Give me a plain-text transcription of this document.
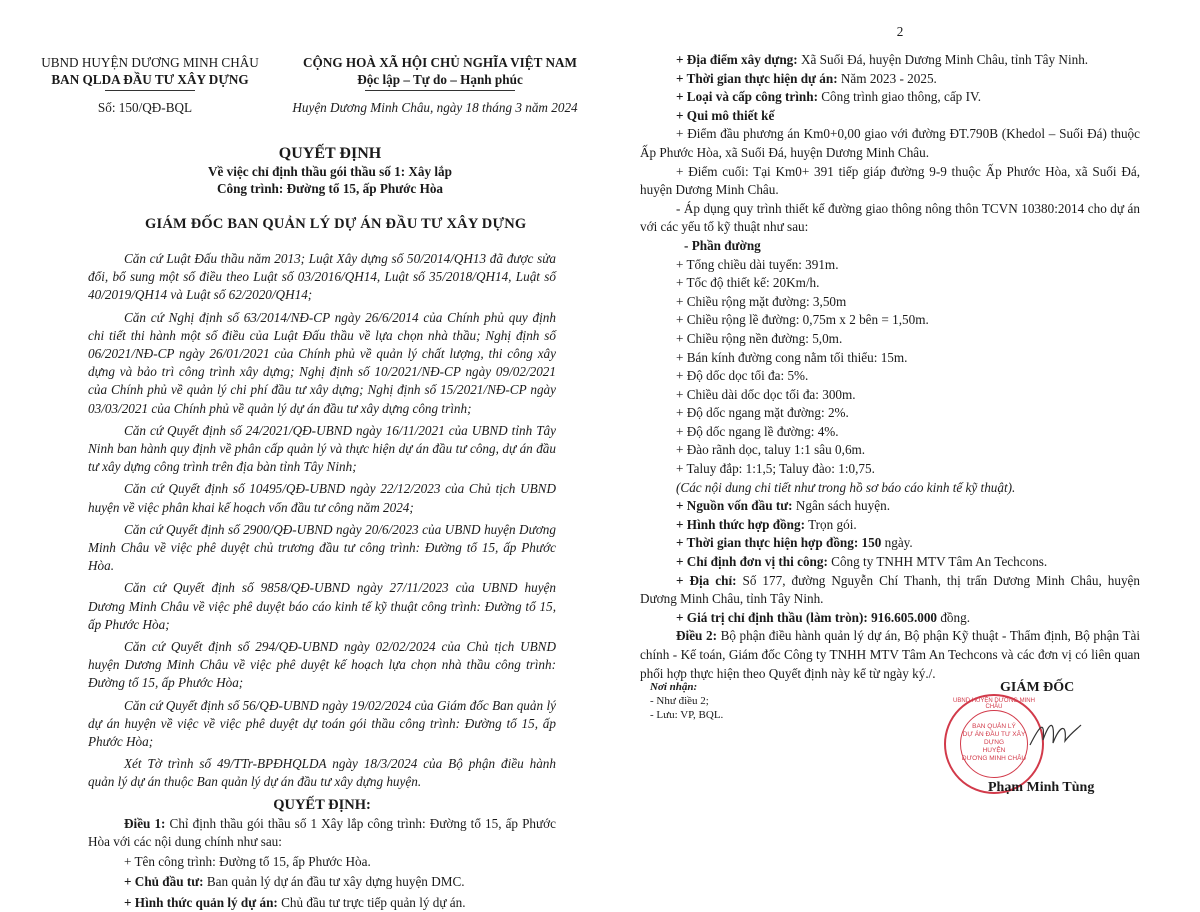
UBND HUYỆN DƯƠNG MINH CHÂU
BAN QLDA ĐẦU TƯ XÂY DỰNG
CỘNG HOÀ XÃ HỘI CHỦ NGHĨA VIỆT NAM
Độc lập – Tự do – Hạnh phúc
Số: 150/QĐ-BQL	Huyện Dương Minh Châu, ngày 18 tháng 3 năm 2024
QUYẾT ĐỊNH
Về việc chỉ định thầu gói thầu số 1: Xây lắp
Công trình: Đường tổ 15, ấp Phước Hòa
GIÁM ĐỐC BAN QUẢN LÝ DỰ ÁN ĐẦU TƯ XÂY DỰNG

Căn cứ Luật Đấu thầu năm 2013; Luật Xây dựng số 50/2014/QH13 đã được sửa đổi, bổ sung một số điều theo Luật số 03/2016/QH14, Luật số 35/2018/QH14, Luật số 40/2019/QH14 và Luật số 62/2020/QH14;

Căn cứ Nghị định số 63/2014/NĐ-CP ngày 26/6/2014 của Chính phủ quy định chi tiết thi hành một số điều của Luật Đấu thầu về lựa chọn nhà thầu; Nghị định số 06/2021/NĐ-CP ngày 26/01/2021 của Chính phủ về quản lý chất lượng, thi công xây dựng và bảo trì công trình xây dựng; Nghị định số 10/2021/NĐ-CP ngày 09/02/2021 của Chính phủ về quản lý chi phí đầu tư xây dựng; Nghị định số 15/2021/NĐ-CP ngày 03/03/2021 của Chính phủ về quản lý dự án đầu tư xây dựng công trình;

Căn cứ Quyết định số 24/2021/QĐ-UBND ngày 16/11/2021 của UBND tỉnh Tây Ninh ban hành quy định về phân cấp quản lý và thực hiện dự án đầu tư công, dự án đầu tư xây dựng công trình trên địa bàn tỉnh Tây Ninh;

Căn cứ Quyết định số 10495/QĐ-UBND ngày 22/12/2023 của Chủ tịch UBND huyện về việc phân khai kế hoạch vốn đầu tư công năm 2024;

Căn cứ Quyết định số 2900/QĐ-UBND ngày 20/6/2023 của UBND huyện Dương Minh Châu về việc phê duyệt chủ trương đầu tư công trình: Đường tổ 15, ấp Phước Hòa.

Căn cứ Quyết định số 9858/QĐ-UBND ngày 27/11/2023 của UBND huyện Dương Minh Châu về việc phê duyệt báo cáo kinh tế kỹ thuật công trình: Đường tổ 15, ấp Phước Hòa;

Căn cứ Quyết định số 294/QĐ-UBND ngày 02/02/2024 của Chủ tịch UBND huyện Dương Minh Châu về việc phê duyệt kế hoạch lựa chọn nhà thầu công trình: Đường tổ 15, ấp Phước Hòa;

Căn cứ Quyết định số 56/QĐ-UBND ngày 19/02/2024 của Giám đốc Ban quản lý dự án huyện về việc về việc phê duyệt dự toán gói thầu công trình: Đường tổ 15, ấp Phước Hòa;

Xét Tờ trình số 49/TTr-BPĐHQLDA ngày 18/3/2024 của Bộ phận điều hành quản lý dự án thuộc Ban quản lý dự án đầu tư xây dựng huyện.

QUYẾT ĐỊNH:

Điều 1: Chỉ định thầu gói thầu số 1 Xây lắp công trình: Đường tổ 15, ấp Phước Hòa với các nội dung chính như sau:

+ Tên công trình: Đường tổ 15, ấp Phước Hòa.

+ Chủ đầu tư: Ban quản lý dự án đầu tư xây dựng huyện DMC.

+ Hình thức quản lý dự án: Chủ đầu tư trực tiếp quản lý dự án.

2

+ Địa điểm xây dựng: Xã Suối Đá, huyện Dương Minh Châu, tỉnh Tây Ninh.

+ Thời gian thực hiện dự án: Năm 2023 - 2025.

+ Loại và cấp công trình: Công trình giao thông, cấp IV.

+ Qui mô thiết kế

+ Điểm đầu phương án Km0+0,00 giao với đường ĐT.790B (Khedol – Suối Đá) thuộc Ấp Phước Hòa, xã Suối Đá, huyện Dương Minh Châu.

+ Điểm cuối: Tại Km0+ 391 tiếp giáp đường 9-9 thuộc Ấp Phước Hòa, xã Suối Đá, huyện Dương Minh Châu.

- Áp dụng quy trình thiết kế đường giao thông nông thôn TCVN 10380:2014 cho dự án với các yếu tố kỹ thuật như sau:

- Phần đường

+ Tổng chiều dài tuyến: 391m.

+ Tốc độ thiết kế: 20Km/h.

+ Chiều rộng mặt đường: 3,50m

+ Chiều rộng lề đường: 0,75m x 2 bên = 1,50m.

+ Chiều rộng nền đường: 5,0m.

+ Bán kính đường cong nằm tối thiểu: 15m.

+ Độ dốc dọc tối đa: 5%.

+ Chiều dài dốc dọc tối đa: 300m.

+ Độ dốc ngang mặt đường: 2%.

+ Độ dốc ngang lề đường: 4%.

+ Đào rãnh dọc, taluy 1:1 sâu 0,6m.

+ Taluy đắp: 1:1,5; Taluy đào: 1:0,75.

(Các nội dung chi tiết như trong hồ sơ báo cáo kinh tế kỹ thuật).

+ Nguồn vốn đầu tư: Ngân sách huyện.

+ Hình thức hợp đồng: Trọn gói.

+ Thời gian thực hiện hợp đồng: 150 ngày.

+ Chỉ định đơn vị thi công: Công ty TNHH MTV Tâm An Techcons.

+ Địa chỉ: Số 177, đường Nguyễn Chí Thanh, thị trấn Dương Minh Châu, huyện Dương Minh Châu, tỉnh Tây Ninh.

+ Giá trị chỉ định thầu (làm tròn): 916.605.000 đồng.

Điều 2: Bộ phận điều hành quản lý dự án, Bộ phận Kỹ thuật - Thẩm định, Bộ phận Tài chính - Kế toán, Giám đốc Công ty TNHH MTV Tâm An Techcons và các đơn vị có liên quan phối hợp thực hiện theo Quyết định này kể từ ngày ký./.

Nơi nhận:
- Như điều 2;
- Lưu: VP, BQL.
GIÁM ĐỐC
UBND HUYỆN DƯƠNG MINH CHÂU
BAN QUẢN LÝ
DỰ ÁN ĐẦU TƯ XÂY DỰNG
HUYỆN
DƯƠNG MINH CHÂU
Phạm Minh Tùng
